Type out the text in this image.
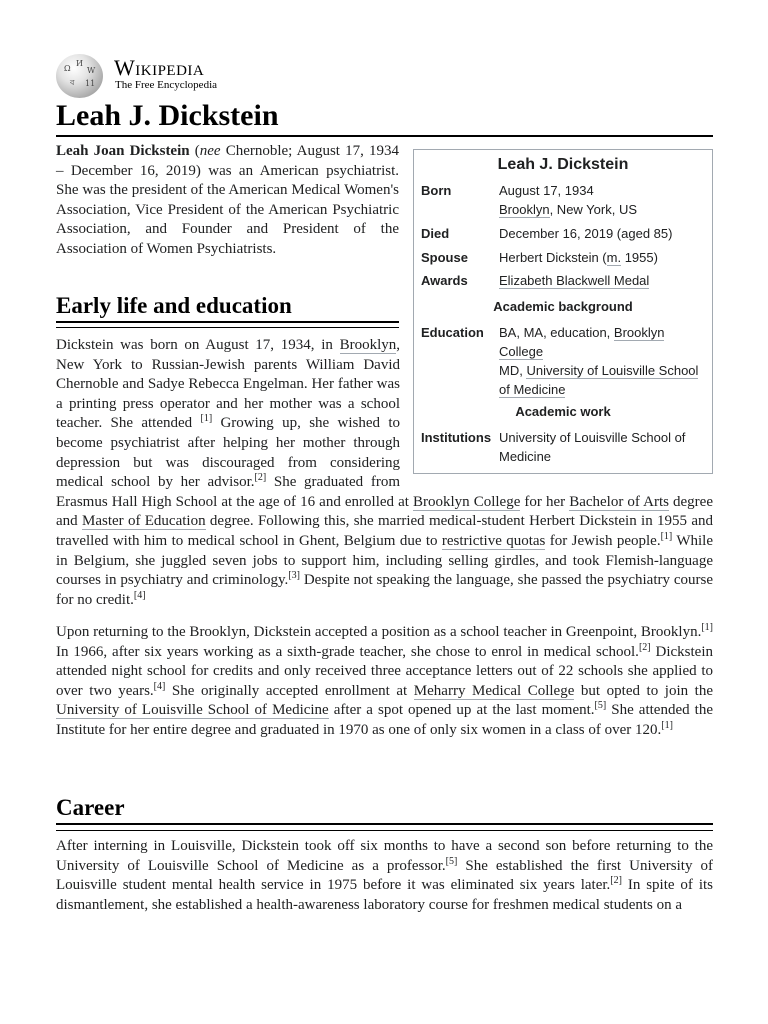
Ω
И
W
ব 11
Wikipedia
The Free Encyclopedia
Leah J. Dickstein

Leah Joan Dickstein (nee Chernoble; August 17, 1934 – December 16, 2019) was an American psychiatrist. She was the president of the American Medical Women's Association, Vice President of the American Psychiatric Association, and Founder and President of the Association of Women Psychiatrists.

Early life and education

Dickstein was born on August 17, 1934, in Brooklyn, New York to Russian-Jewish parents William David Chernoble and Sadye Rebecca Engelman. Her father was a printing press operator and her mother was a school teacher. She attended [1] Growing up, she wished to become psychiatrist after helping her mother through depression but was discouraged from considering medical school by her advisor.[2] She graduated from Erasmus Hall High School at the age of 16 and enrolled at Brooklyn College for her Bachelor of Arts degree and Master of Education degree. Following this, she married medical-student Herbert Dickstein in 1955 and travelled with him to medical school in Ghent, Belgium due to restrictive quotas for Jewish people.[1] While in Belgium, she juggled seven jobs to support him, including selling girdles, and took Flemish-language courses in psychiatry and criminology.[3] Despite not speaking the language, she passed the psychiatry course for no credit.[4]

Upon returning to the Brooklyn, Dickstein accepted a position as a school teacher in Greenpoint, Brooklyn.[1] In 1966, after six years working as a sixth-grade teacher, she chose to enrol in medical school.[2] Dickstein attended night school for credits and only received three acceptance letters out of 22 schools she applied to over two years.[4] She originally accepted enrollment at Meharry Medical College but opted to join the University of Louisville School of Medicine after a spot opened up at the last moment.[5] She attended the Institute for her entire degree and graduated in 1970 as one of only six women in a class of over 120.[1]

Career

After interning in Louisville, Dickstein took off six months to have a second son before returning to the University of Louisville School of Medicine as a professor.[5] She established the first University of Louisville student mental health service in 1975 before it was eliminated six years later.[2] In spite of its dismantlement, she established a health-awareness laboratory course for freshmen medical students on a

Leah J. Dickstein
Born	August 17, 1934
Brooklyn, New York, US
Died	December 16, 2019 (aged 85)
Spouse	Herbert Dickstein (m. 1955)
Awards	Elizabeth Blackwell Medal
Academic background
Education	BA, MA, education, Brooklyn College
MD, University of Louisville School of Medicine
Academic work
Institutions University of Louisville School of Medicine
